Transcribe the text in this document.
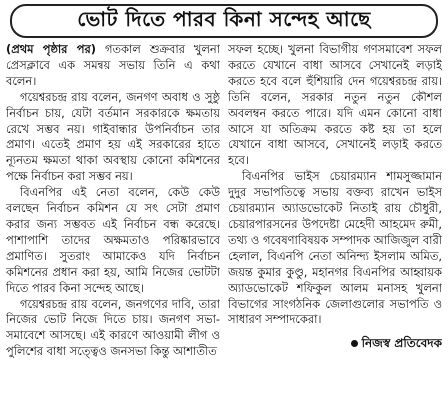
ভোট দিতে পারব কিনা সন্দেহ আছে

(প্রথম পৃষ্ঠার পর) গতকাল শুক্রবার খুলনা প্রেসক্লাবে এক সমন্বয় সভায় তিনি এ কথা বলেন।

গয়েশ্বরচন্দ্র রায় বলেন, জনগণ অবাধ ও সুষ্ঠু নির্বাচন চায়, যেটা বর্তমান সরকারকে ক্ষমতায় রেখে সম্ভব নয়। গাইবান্ধার উপনির্বাচন তার প্রমাণ। এতেই প্রমাণ হয় এই সরকারের হাতে ন্যূনতম ক্ষমতা থাকা অবস্থায় কোনো কমিশনের পক্ষে নির্বাচন করা সম্ভব নয়।

বিএনপির এই নেতা বলেন, কেউ কেউ বলছেন নির্বাচন কমিশন যে সৎ সেটা প্রমাণ করার জন্য সম্ভবত এই নির্বাচন বন্ধ করেছে। পাশাপাশি তাদের অক্ষমতাও পরিষ্কারভাবে প্রমাণিত। সুতরাং আমাকেও যদি নির্বাচন কমিশনের প্রধান করা হয়, আমি নিজের ভোটটা দিতে পারব কিনা সন্দেহ আছে।

গয়েশ্বরচন্দ্র রায় বলেন, জনগণের দাবি, তারা নিজের ভোট নিজে দিতে চায়। জনগণ সভা-সমাবেশে আসছে। এই কারণে আওয়ামী লীগ ও পুলিশের বাধা সত্ত্বেও জনসভা কিন্তু আশাতীত

সফল হচ্ছে। খুলনা বিভাগীয় গণসমাবেশ সফল করতে যেখানে বাধা আসবে সেখানেই লড়াই করতে হবে বলে হুঁশিয়ারি দেন গয়েশ্বরচন্দ্র রায়। তিনি বলেন, সরকার নতুন নতুন কৌশল অবলম্বন করতে পারে। যদি এমন কোনো বাধা আসে যা অতিক্রম করতে কষ্ট হয় তা হলে যেখানে বাধা আসবে, সেখানেই লড়াই করতে হবে।

বিএনপির ভাইস চেয়ারম্যান শামসুজ্জামান দুদুর সভাপতিত্বে সভায় বক্তব্য রাখেন ভাইস চেয়ারম্যান অ্যাডভোকেট নিতাই রায় চৌধুরী, চেয়ারপারসনের উপদেষ্টা মেহেদী আহমেদ রুমী, তথ্য ও গবেষণাবিষয়ক সম্পাদক আজিজুল বারী হেলাল, বিএনপি নেতা অনিন্দ্য ইসলাম অমিত, জয়ন্ত কুমার কুণ্ডু, মহানগর বিএনপির আহ্বায়ক অ্যাডভোকেট শফিকুল আলম মনাসহ খুলনা বিভাগের সাংগঠনিক জেলাগুলোর সভাপতি ও সাধারণ সম্পাদকেরা।

নিজস্ব প্রতিবেদক
